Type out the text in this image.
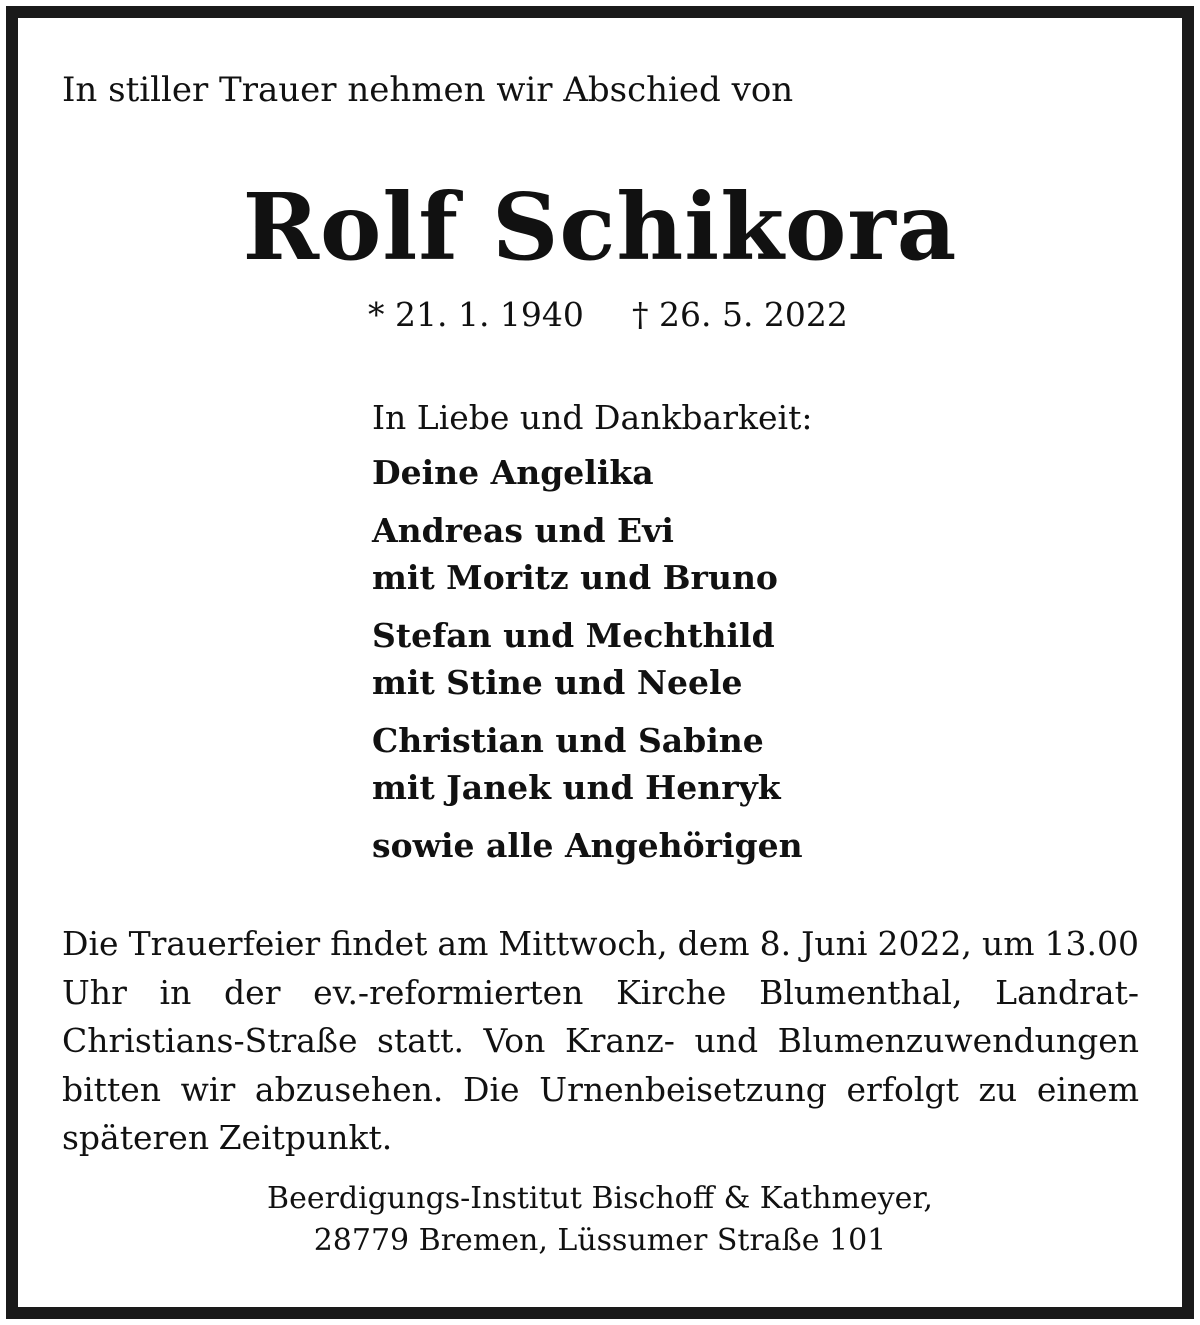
In stiller Trauer nehmen wir Abschied von
Rolf Schikora
* 21. 1. 1940 † 26. 5. 2022
In Liebe und Dankbarkeit:
Deine Angelika
Andreas und Evi
mit Moritz und Bruno
Stefan und Mechthild
mit Stine und Neele
Christian und Sabine
mit Janek und Henryk
sowie alle Angehörigen
Die Trauerfeier findet am Mittwoch, dem 8. Juni 2022, um 13.00 Uhr in der ev.-reformierten Kirche Blumenthal, Landrat-Christians-Straße statt. Von Kranz- und Blumenzuwendungen bitten wir abzusehen. Die Urnenbeisetzung erfolgt zu einem späteren Zeitpunkt.
Beerdigungs-Institut Bischoff & Kathmeyer,
28779 Bremen, Lüssumer Straße 101
